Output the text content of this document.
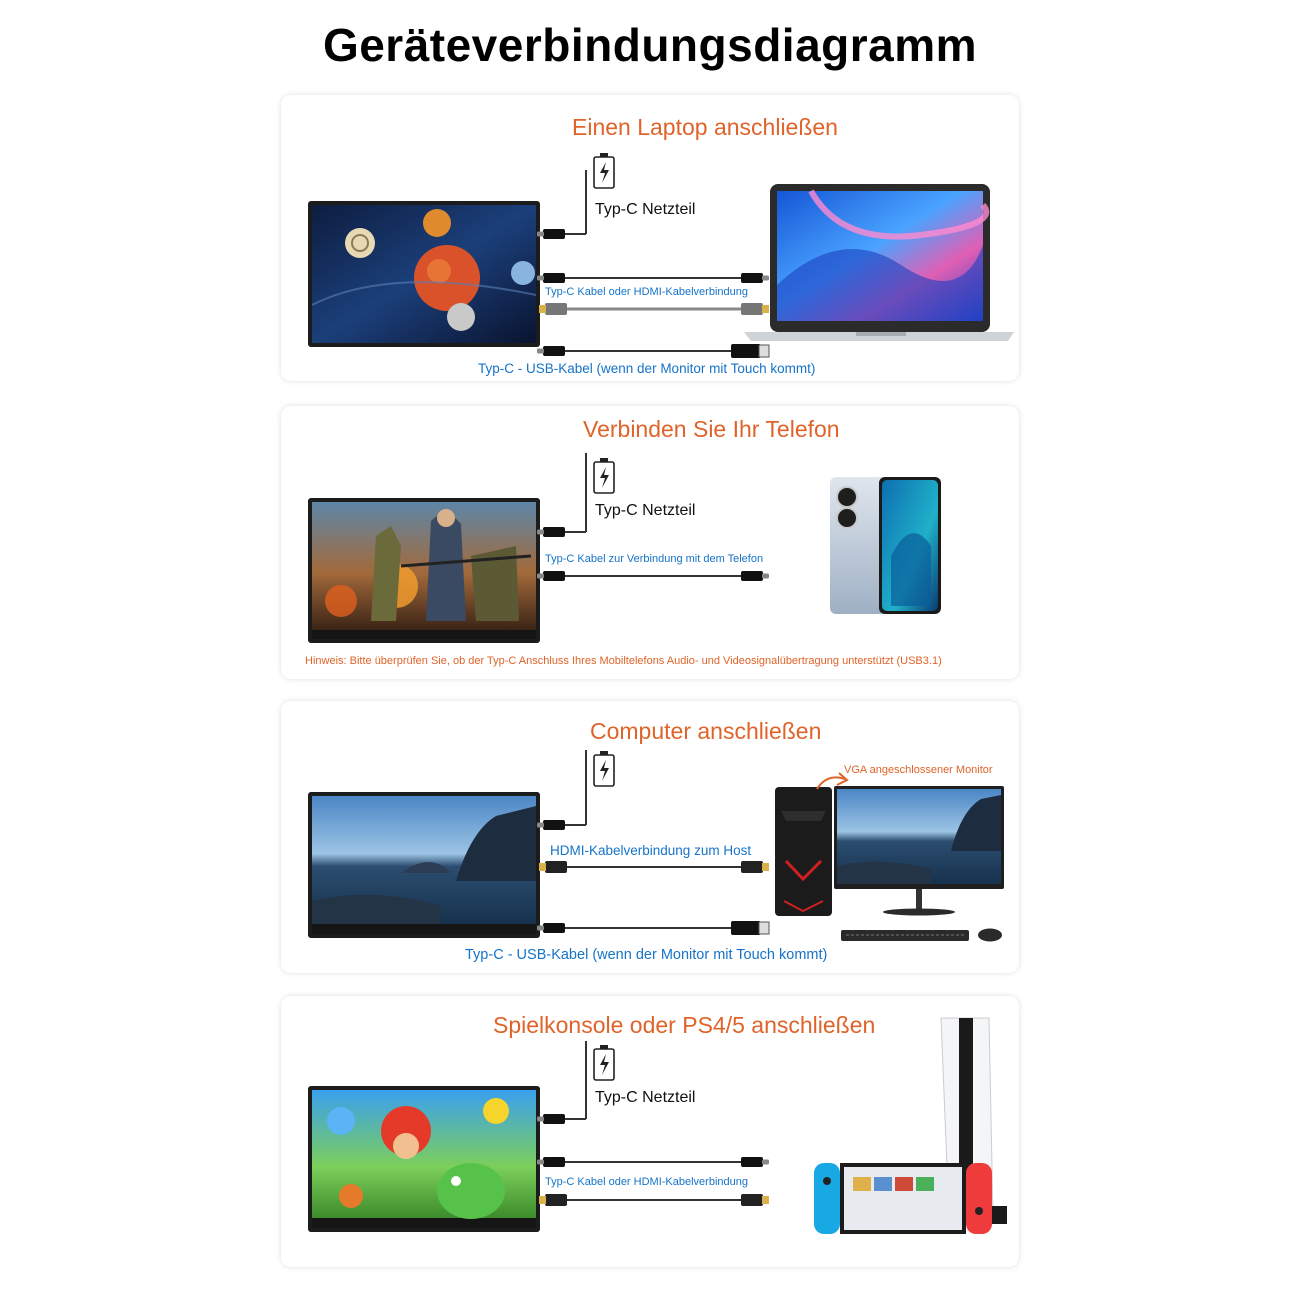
Geräteverbindungsdiagramm
Einen Laptop anschließen
Typ-C Netzteil
Typ-C Kabel oder HDMI-Kabelverbindung
Typ-C - USB-Kabel (wenn der Monitor mit Touch kommt)
Verbinden Sie Ihr Telefon
Typ-C Netzteil
Typ-C Kabel zur Verbindung mit dem Telefon
Hinweis: Bitte überprüfen Sie, ob der Typ-C Anschluss Ihres Mobiltelefons Audio- und Videosignalübertragung unterstützt (USB3.1)
Computer anschließen
VGA angeschlossener Monitor
HDMI-Kabelverbindung zum Host
Typ-C - USB-Kabel (wenn der Monitor mit Touch kommt)
Spielkonsole oder PS4/5 anschließen
Typ-C Netzteil
Typ-C Kabel oder HDMI-Kabelverbindung
